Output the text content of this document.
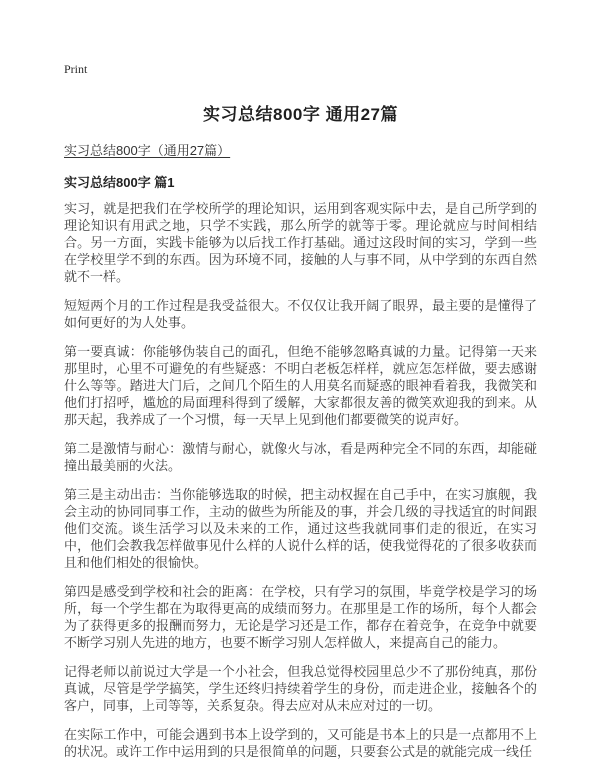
Print
实习总结800字 通用27篇
实习总结800字（通用27篇）
实习总结800字 篇1

实习，就是把我们在学校所学的理论知识，运用到客观实际中去，是自己所学到的理论知识有用武之地，只学不实践，那么所学的就等于零。理论就应与时间相结合。另一方面，实践卡能够为以后找工作打基础。通过这段时间的实习，学到一些在学校里学不到的东西。因为环境不同，接触的人与事不同，从中学到的东西自然就不一样。

短短两个月的工作过程是我受益很大。不仅仅让我开阔了眼界，最主要的是懂得了如何更好的为人处事。

第一要真诚：你能够伪装自己的面孔，但绝不能够忽略真诚的力量。记得第一天来那里时，心里不可避免的有些疑惑：不明白老板怎样样，就应怎怎样做，要去感谢什么等等。踏进大门后，之间几个陌生的人用莫名而疑惑的眼神看着我，我微笑和他们打招呼，尴尬的局面理科得到了缓解，大家都很友善的微笑欢迎我的到来。从那天起，我养成了一个习惯，每一天早上见到他们都要微笑的说声好。

第二是激情与耐心：激情与耐心，就像火与冰，看是两种完全不同的东西，却能碰撞出最美丽的火法。

第三是主动出击：当你能够选取的时候，把主动权握在自己手中，在实习旗舰，我会主动的协同同事工作，主动的做些为所能及的事，并会几级的寻找适宜的时间跟他们交流。谈生活学习以及未来的工作，通过这些我就同事们走的很近，在实习中，他们会教我怎样做事见什么样的人说什么样的话，使我觉得花的了很多收获而且和他们相处的很愉快。

第四是感受到学校和社会的距离：在学校，只有学习的氛围，毕竟学校是学习的场所，每一个学生都在为取得更高的成绩而努力。在那里是工作的场所，每个人都会为了获得更多的报酬而努力，无论是学习还是工作，都存在着竞争，在竞争中就要不断学习别人先进的地方，也要不断学习别人怎样做人，来提高自己的能力。

记得老师以前说过大学是一个小社会，但我总觉得校园里总少不了那份纯真，那份真诚，尽管是学学搞笑，学生还终归持续着学生的身份，而走进企业，接触各个的客户，同事，上司等等，关系复杂。得去应对从未应对过的一切。

在实际工作中，可能会遇到书本上设学到的，又可能是书本上的只是一点都用不上的状况。或许工作中运用到的只是很简单的问题，只要套公式是的就能完成一线任
